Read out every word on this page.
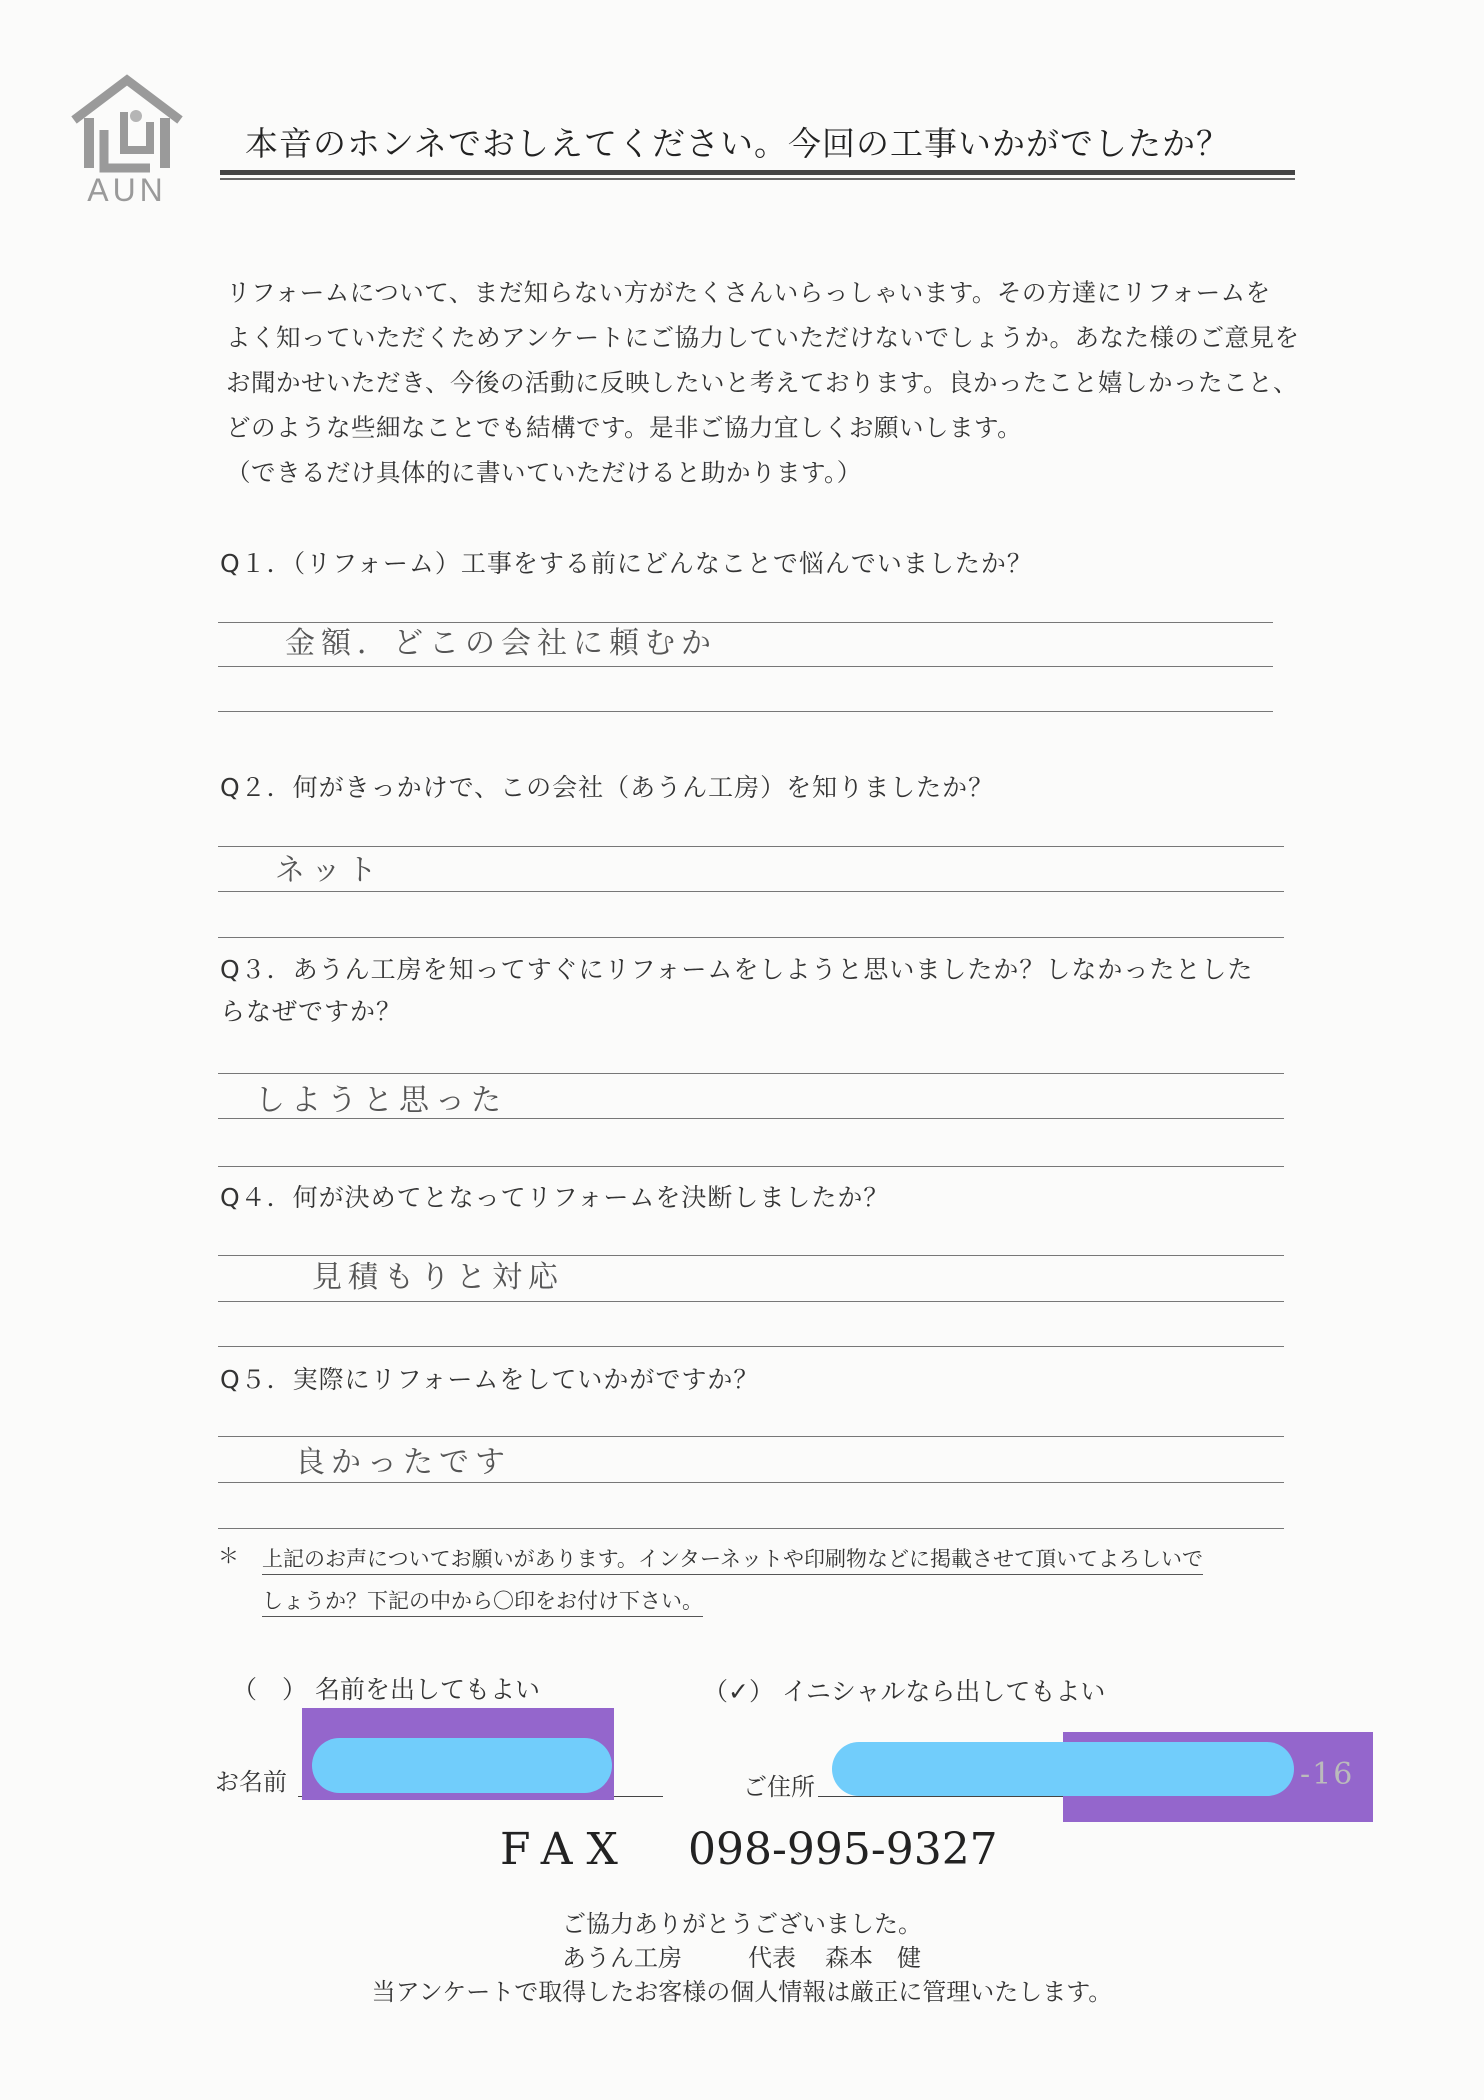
AUN
本音のホンネでおしえてください。今回の工事いかがでしたか？
リフォームについて、まだ知らない方がたくさんいらっしゃいます。その方達にリフォームを
よく知っていただくためアンケートにご協力していただけないでしょうか。あなた様のご意見を
お聞かせいただき、今後の活動に反映したいと考えております。良かったこと嬉しかったこと、
どのような些細なことでも結構です。是非ご協力宜しくお願いします。
（できるだけ具体的に書いていただけると助かります。）
Q１．（リフォーム）工事をする前にどんなことで悩んでいましたか？
金額．どこの会社に頼むか
Q２．何がきっかけで、この会社（あうん工房）を知りましたか？
ネット
Q３．あうん工房を知ってすぐにリフォームをしようと思いましたか？しなかったとした
らなぜですか？
しようと思った
Q４．何が決めてとなってリフォームを決断しましたか？
見積もりと対応
Q５．実際にリフォームをしていかがですか？
良かったです
＊ 上記のお声についてお願いがあります。インターネットや印刷物などに掲載させて頂いてよろしいで
しょうか？下記の中から〇印をお付け下さい。
（　） 名前を出してもよい	（✓） イニシャルなら出してもよい
お名前	ご住所	-16
FAX 098-995-9327
ご協力ありがとうございました。
あうん工房	代表 森本　健
当アンケートで取得したお客様の個人情報は厳正に管理いたします。
